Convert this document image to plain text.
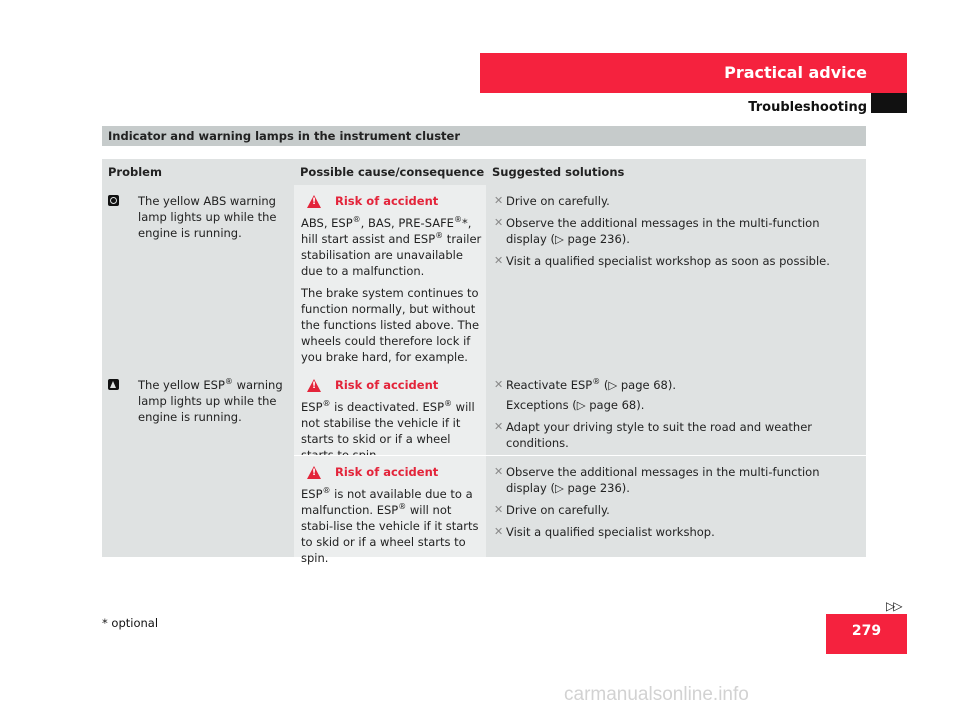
Practical advice
Troubleshooting
Indicator and warning lamps in the instrument cluster
Problem	Possible cause/consequence Suggested solutions
The yellow ABS warning lamp lights up while the engine is running.
!
Risk of accident

ABS, ESP®, BAS, PRE-SAFE®*, hill start assist and ESP® trailer stabilisation are unavailable due to a malfunction.

The brake system continues to function normally, but without the functions listed above. The wheels could therefore lock if you brake hard, for example.

✕ Drive on carefully.
✕ Observe the additional messages in the multi-function display (▷ page 236).
✕ Visit a qualified specialist workshop as soon as possible.
The yellow ESP® warning lamp lights up while the engine is running.
!
Risk of accident

ESP® is deactivated. ESP® will not stabilise the vehicle if it starts to skid or if a wheel

✕ Reactivate ESP® (▷ page 68).
Exceptions (▷ page 68).
✕ Adapt your driving style to suit the road and weather conditions.
!
Risk of accident

ESP® is not available due to a malfunction. ESP® will not stabi-lise the vehicle if it starts to skid or if a wheel starts to spin.

✕ Observe the additional messages in the multi-function display (▷ page 236).
✕ Drive on carefully.
✕ Visit a qualified specialist workshop.
▷▷
* optional	279
carmanualsonline.info
